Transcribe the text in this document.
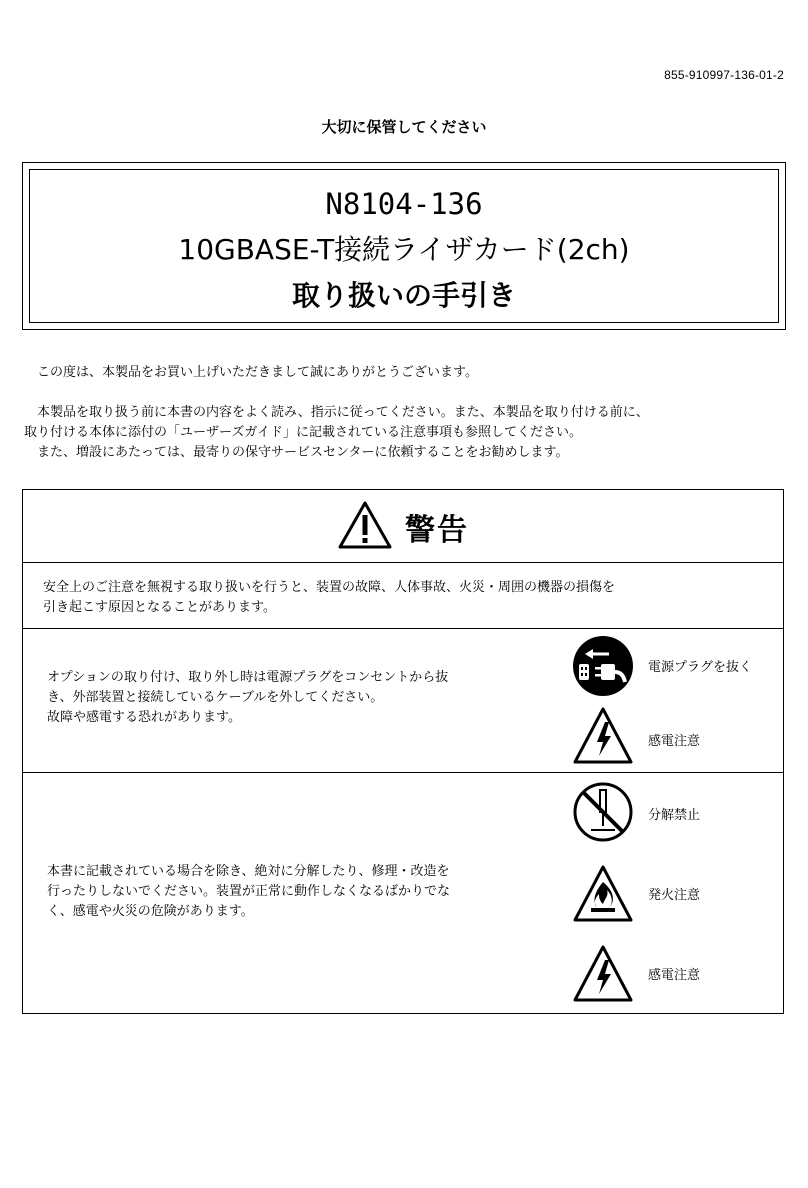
855-910997-136-01-2
大切に保管してください
N8104-136
10GBASE-T接続ライザカード(2ch)
取り扱いの手引き
　この度は、本製品をお買い上げいただきまして誠にありがとうございます。
　本製品を取り扱う前に本書の内容をよく読み、指示に従ってください。また、本製品を取り付ける前に、
取り付ける本体に添付の「ユーザーズガイド」に記載されている注意事項も参照してください。
　また、増設にあたっては、最寄りの保守サービスセンターに依頼することをお勧めします。
警告
安全上のご注意を無視する取り扱いを行うと、装置の故障、人体事故、火災・周囲の機器の損傷を
引き起こす原因となることがあります。
オプションの取り付け、取り外し時は電源プラグをコンセントから抜
き、外部装置と接続しているケーブルを外してください。
故障や感電する恐れがあります。
電源プラグを抜く
感電注意
本書に記載されている場合を除き、絶対に分解したり、修理・改造を
行ったりしないでください。装置が正常に動作しなくなるばかりでな
く、感電や火災の危険があります。
分解禁止
発火注意
感電注意
